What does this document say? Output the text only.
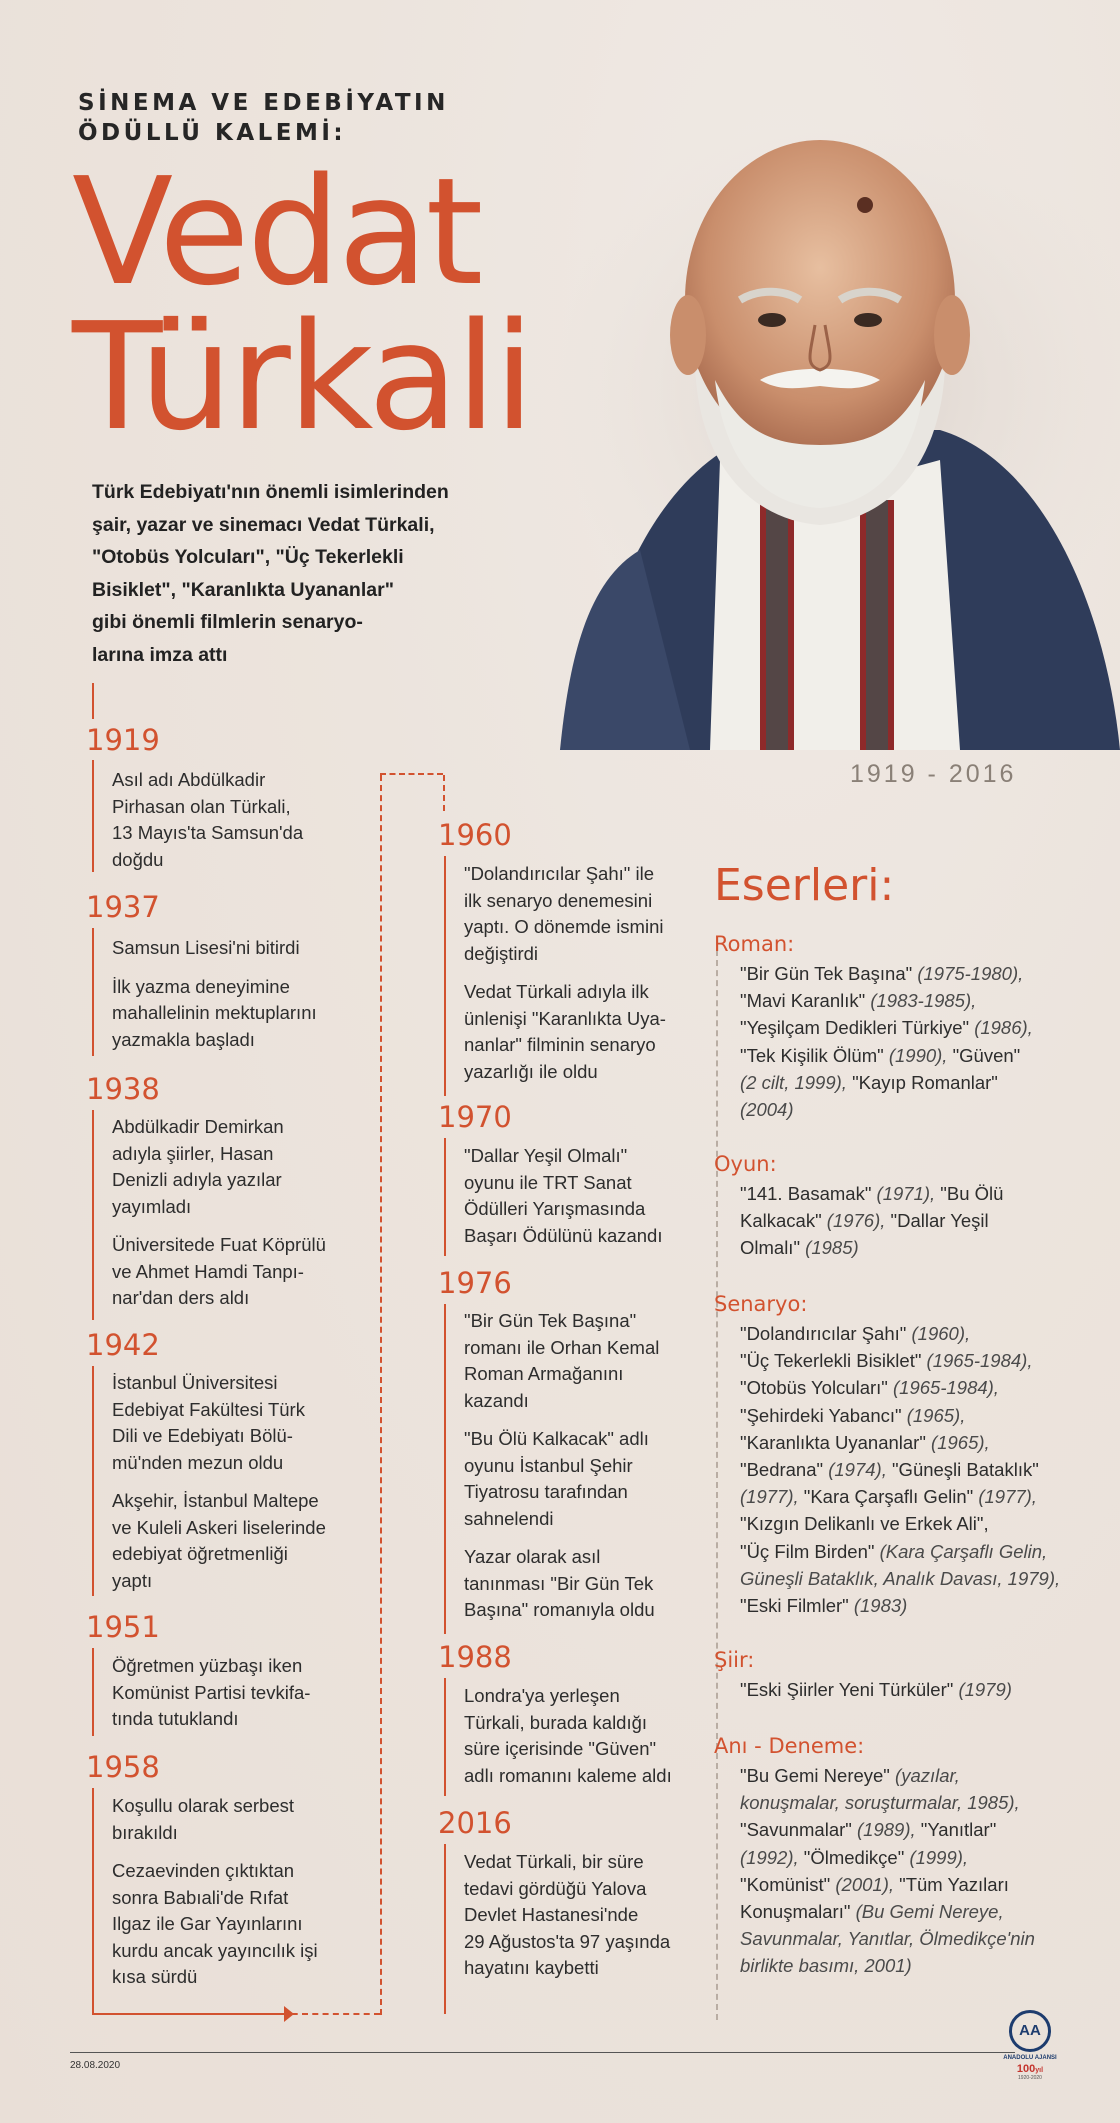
SİNEMA VE EDEBİYATIN
ÖDÜLLÜ KALEMİ:
Vedat
Türkali
Türk Edebiyatı'nın önemli isimlerinden
şair, yazar ve sinemacı Vedat Türkali,
"Otobüs Yolcuları", "Üç Tekerlekli
Bisiklet", "Karanlıkta Uyananlar"
gibi önemli filmlerin senaryo-
larına imza attı
1919 - 2016
1919
Asıl adı Abdülkadir
Pirhasan olan Türkali,
13 Mayıs'ta Samsun'da
doğdu
1937
Samsun Lisesi'ni bitirdi
İlk yazma deneyimine
mahallelinin mektuplarını
yazmakla başladı
1938
Abdülkadir Demirkan
adıyla şiirler, Hasan
Denizli adıyla yazılar
yayımladı
Üniversitede Fuat Köprülü
ve Ahmet Hamdi Tanpı-
nar'dan ders aldı
1942
İstanbul Üniversitesi
Edebiyat Fakültesi Türk
Dili ve Edebiyatı Bölü-
mü'nden mezun oldu
Akşehir, İstanbul Maltepe
ve Kuleli Askeri liselerinde
edebiyat öğretmenliği
yaptı
1951
Öğretmen yüzbaşı iken
Komünist Partisi tevkifa-
tında tutuklandı
1958
Koşullu olarak serbest
bırakıldı
Cezaevinden çıktıktan
sonra Babıali'de Rıfat
Ilgaz ile Gar Yayınlarını
kurdu ancak yayıncılık işi
kısa sürdü
1960
"Dolandırıcılar Şahı" ile
ilk senaryo denemesini
yaptı. O dönemde ismini
değiştirdi
Vedat Türkali adıyla ilk
ünlenişi "Karanlıkta Uya-
nanlar" filminin senaryo
yazarlığı ile oldu
1970
"Dallar Yeşil Olmalı"
oyunu ile TRT Sanat
Ödülleri Yarışmasında
Başarı Ödülünü kazandı
1976
"Bir Gün Tek Başına"
romanı ile Orhan Kemal
Roman Armağanını
kazandı
"Bu Ölü Kalkacak" adlı
oyunu İstanbul Şehir
Tiyatrosu tarafından
sahnelendi
Yazar olarak asıl
tanınması "Bir Gün Tek
Başına" romanıyla oldu
1988
Londra'ya yerleşen
Türkali, burada kaldığı
süre içerisinde "Güven"
adlı romanını kaleme aldı
2016
Vedat Türkali, bir süre
tedavi gördüğü Yalova
Devlet Hastanesi'nde
29 Ağustos'ta 97 yaşında
hayatını kaybetti
Eserleri:
Roman:
"Bir Gün Tek Başına" (1975-1980),
"Mavi Karanlık" (1983-1985),
"Yeşilçam Dedikleri Türkiye" (1986),
"Tek Kişilik Ölüm" (1990), "Güven"
(2 cilt, 1999), "Kayıp Romanlar"
(2004)
Oyun:
"141. Basamak" (1971), "Bu Ölü
Kalkacak" (1976), "Dallar Yeşil
Olmalı" (1985)
Senaryo:
"Dolandırıcılar Şahı" (1960),
"Üç Tekerlekli Bisiklet" (1965-1984),
"Otobüs Yolcuları" (1965-1984),
"Şehirdeki Yabancı" (1965),
"Karanlıkta Uyananlar" (1965),
"Bedrana" (1974), "Güneşli Bataklık"
(1977), "Kara Çarşaflı Gelin" (1977),
"Kızgın Delikanlı ve Erkek Ali",
"Üç Film Birden" (Kara Çarşaflı Gelin,
Güneşli Bataklık, Analık Davası, 1979),
"Eski Filmler" (1983)
Şiir:
"Eski Şiirler Yeni Türküler" (1979)
Anı - Deneme:
"Bu Gemi Nereye" (yazılar,
konuşmalar, soruşturmalar, 1985),
"Savunmalar" (1989), "Yanıtlar"
(1992), "Ölmedikçe" (1999),
"Komünist" (2001), "Tüm Yazıları
Konuşmaları" (Bu Gemi Nereye,
Savunmalar, Yanıtlar, Ölmedikçe'nin
birlikte basımı, 2001)
28.08.2020
AA
ANADOLU AJANSI
100yıl
1920-2020
